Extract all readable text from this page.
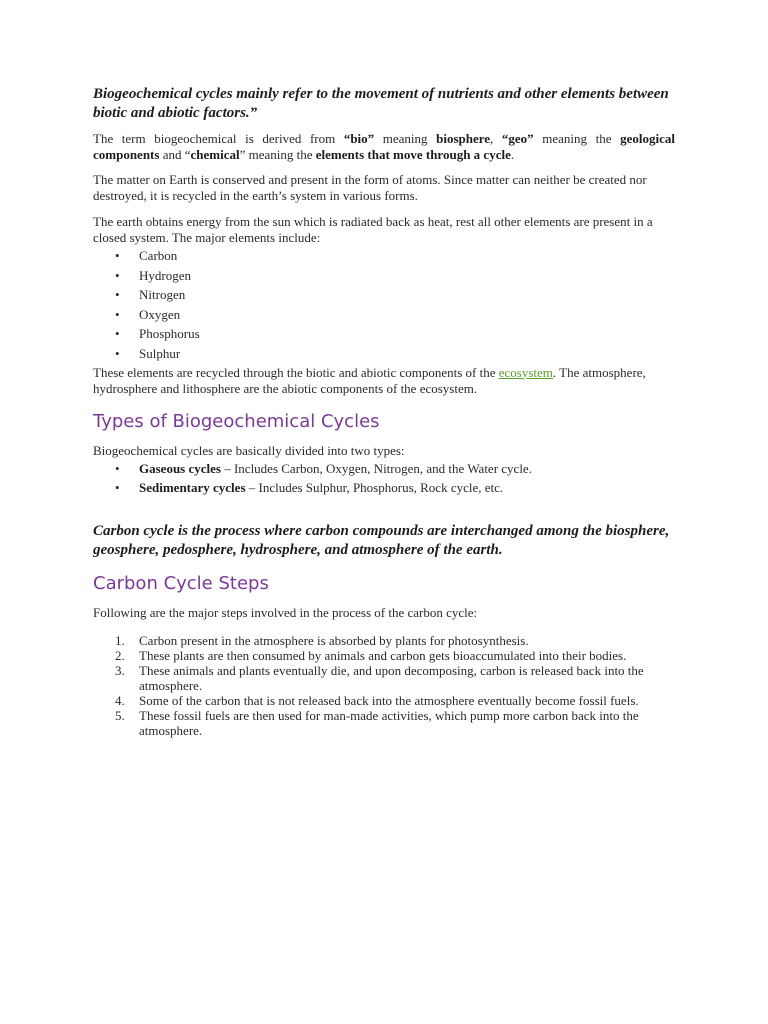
Biogeochemical cycles mainly refer to the movement of nutrients and other elements between biotic and abiotic factors.”

The term biogeochemical is derived from “bio” meaning biosphere, “geo” meaning the geological components and “chemical” meaning the elements that move through a cycle.

The matter on Earth is conserved and present in the form of atoms. Since matter can neither be created nor destroyed, it is recycled in the earth’s system in various forms.

The earth obtains energy from the sun which is radiated back as heat, rest all other elements are present in a closed system. The major elements include:

• Carbon
• Hydrogen
• Nitrogen
• Oxygen
• Phosphorus
• Sulphur

These elements are recycled through the biotic and abiotic components of the ecosystem. The atmosphere, hydrosphere and lithosphere are the abiotic components of the ecosystem.

Types of Biogeochemical Cycles

Biogeochemical cycles are basically divided into two types:

• Gaseous cycles – Includes Carbon, Oxygen, Nitrogen, and the Water cycle.
• Sedimentary cycles – Includes Sulphur, Phosphorus, Rock cycle, etc.

Carbon cycle is the process where carbon compounds are interchanged among the biosphere, geosphere, pedosphere, hydrosphere, and atmosphere of the earth.

Carbon Cycle Steps

Following are the major steps involved in the process of the carbon cycle:

1. Carbon present in the atmosphere is absorbed by plants for photosynthesis.
2. These plants are then consumed by animals and carbon gets bioaccumulated into their bodies.
3. These animals and plants eventually die, and upon decomposing, carbon is released back into the atmosphere.
4. Some of the carbon that is not released back into the atmosphere eventually become fossil fuels.
5. These fossil fuels are then used for man-made activities, which pump more carbon back into the atmosphere.
